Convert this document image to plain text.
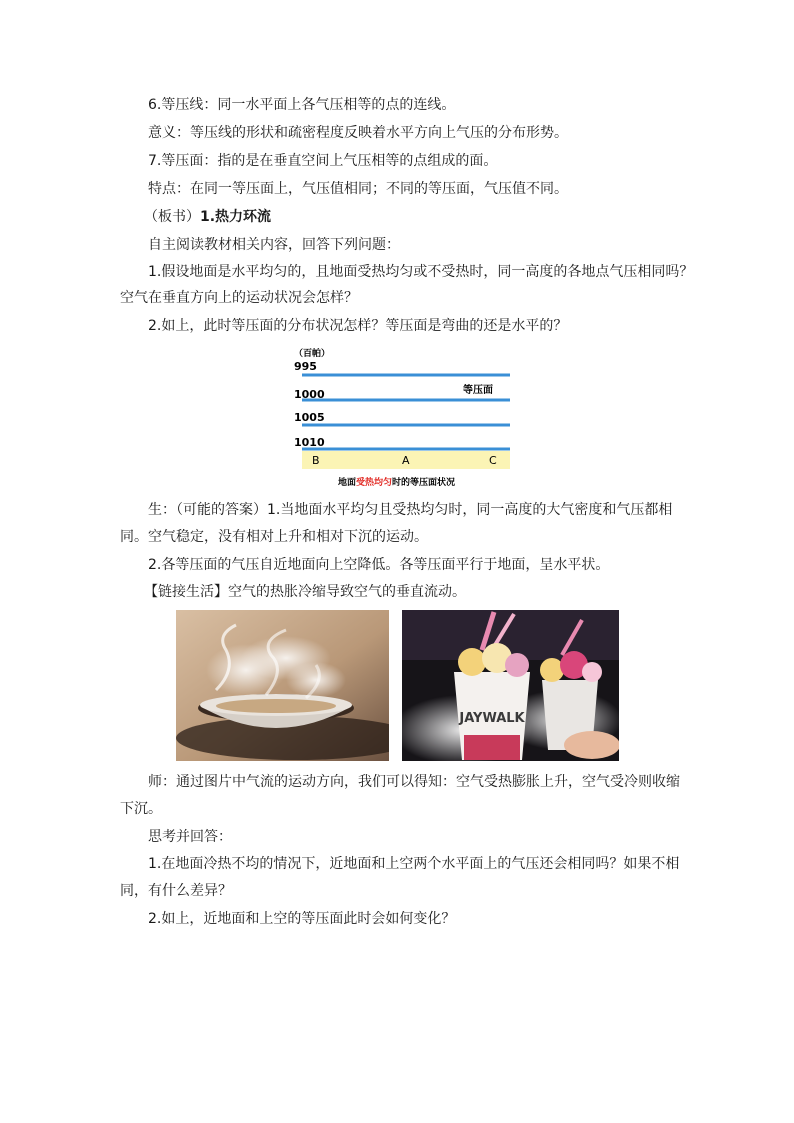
6.等压线：同一水平面上各气压相等的点的连线。
意义：等压线的形状和疏密程度反映着水平方向上气压的分布形势。
7.等压面：指的是在垂直空间上气压相等的点组成的面。
特点：在同一等压面上，气压值相同；不同的等压面，气压值不同。
（板书）1.热力环流
自主阅读教材相关内容，回答下列问题：
1.假设地面是水平均匀的，且地面受热均匀或不受热时，同一高度的各地点气压相同吗？
空气在垂直方向上的运动状况会怎样？
2.如上，此时等压面的分布状况怎样？等压面是弯曲的还是水平的？
（百帕）
995
1000
1005
1010
等压面
B	A	C
地面受热均匀时的等压面状况
生：（可能的答案）1.当地面水平均匀且受热均匀时，同一高度的大气密度和气压都相
同。空气稳定，没有相对上升和相对下沉的运动。
2.各等压面的气压自近地面向上空降低。各等压面平行于地面，呈水平状。
【链接生活】空气的热胀冷缩导致空气的垂直流动。
JAYWALK
师：通过图片中气流的运动方向，我们可以得知：空气受热膨胀上升，空气受冷则收缩
下沉。
思考并回答：
1.在地面冷热不均的情况下，近地面和上空两个水平面上的气压还会相同吗？如果不相
同，有什么差异？
2.如上，近地面和上空的等压面此时会如何变化？
